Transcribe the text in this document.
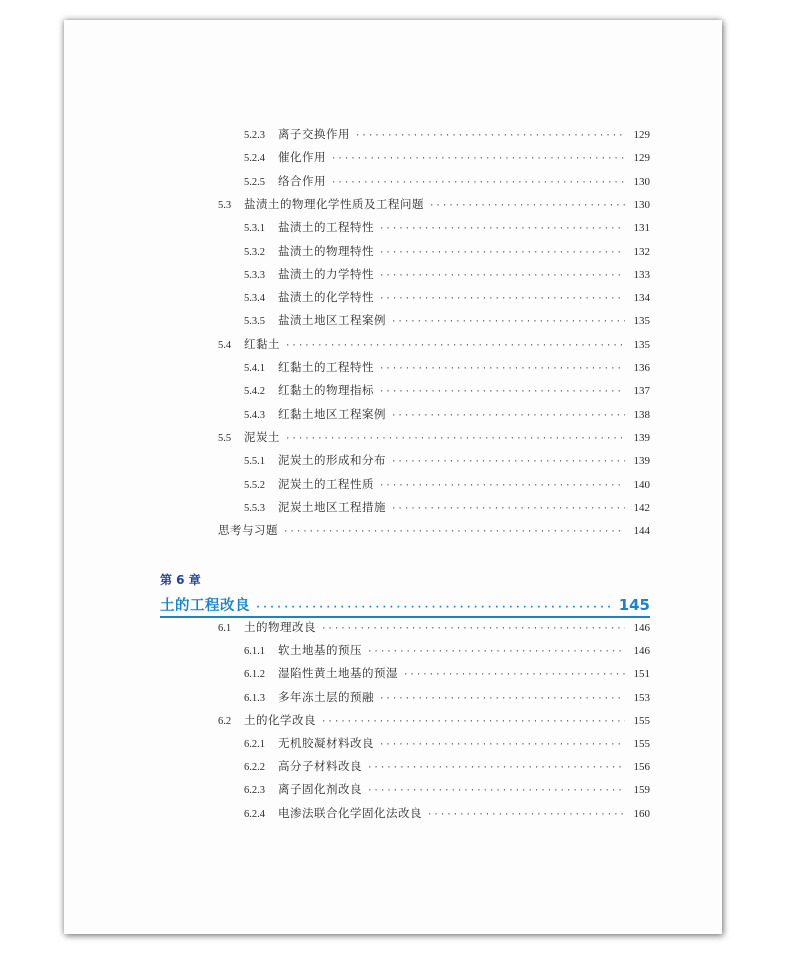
第 6 章
土的工程改良 ·····	145
5.2.3	离子交换作用 ·····	129
5.2.4	催化作用 ·····	129
5.2.5	络合作用 ·····	130
5.3	盐渍土的物理化学性质及工程问题 ·····	130
5.3.1	盐渍土的工程特性 ·····	131
5.3.2	盐渍土的物理特性 ·····	132
5.3.3	盐渍土的力学特性 ·····	133
5.3.4	盐渍土的化学特性 ·····	134
5.3.5	盐渍土地区工程案例 ·····	135
5.4	红黏土 ·····	135
5.4.1	红黏土的工程特性 ·····	136
5.4.2	红黏土的物理指标 ·····	137
5.4.3	红黏土地区工程案例 ·····	138
5.5	泥炭土 ·····	139
5.5.1	泥炭土的形成和分布 ·····	139
5.5.2	泥炭土的工程性质 ·····	140
5.5.3	泥炭土地区工程措施 ·····	142
思考与习题 ·····	144
6.1	土的物理改良 ·····	146
6.1.1	软土地基的预压 ·····	146
6.1.2	湿陷性黄土地基的预湿 ·····	151
6.1.3	多年冻土层的预融 ·····	153
6.2	土的化学改良 ·····	155
6.2.1	无机胶凝材料改良 ·····	155
6.2.2	高分子材料改良 ·····	156
6.2.3	离子固化剂改良 ·····	159
6.2.4	电渗法联合化学固化法改良 ·····	160
